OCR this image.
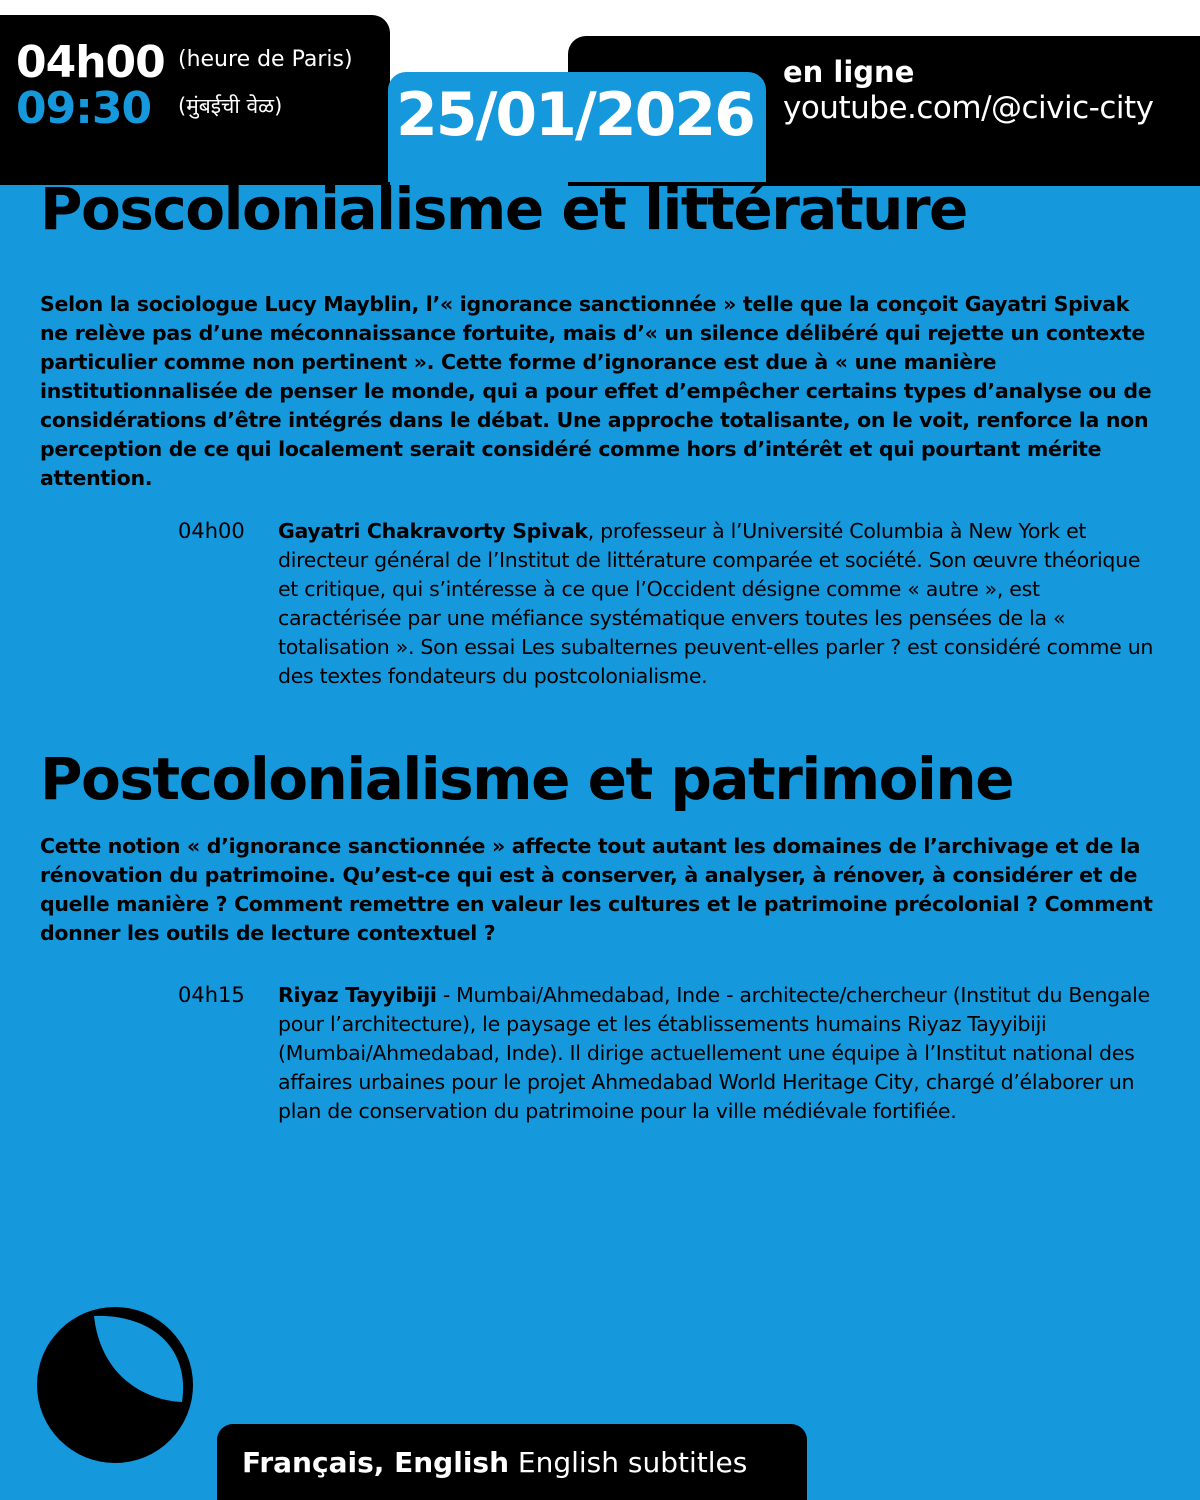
04h00 (heure de Paris)
09:30 (मुंबईची वेळ) 25/01/2026
en ligne
youtube.com/@civic-city
Poscolonialisme et littérature

Selon la sociologue Lucy Mayblin, l’« ignorance sanctionnée » telle que la conçoit Gayatri Spivak ne relève pas d’une méconnaissance fortuite, mais d’« un silence délibéré qui rejette un contexte particulier comme non pertinent ». Cette forme d’ignorance est due à « une manière institutionnalisée de penser le monde, qui a pour effet d’empêcher certains types d’analyse ou de considérations d’être intégrés dans le débat. Une approche totalisante, on le voit, renforce la non perception de ce qui localement serait considéré comme hors d’intérêt et qui pourtant mérite attention.

04h00 Gayatri Chakravorty Spivak, professeur à l’Université Columbia à New York et directeur général de l’Institut de littérature comparée et société. Son œuvre théorique et critique, qui s’intéresse à ce que l’Occident désigne comme « autre », est caractérisée par une méfiance systématique envers toutes les pensées de la « totalisation ». Son essai Les subalternes peuvent-elles parler ? est considéré comme un des textes fondateurs du postcolonialisme.

Postcolonialisme et patrimoine

Cette notion « d’ignorance sanctionnée » affecte tout autant les domaines de l’archivage et de la rénovation du patrimoine. Qu’est-ce qui est à conserver, à analyser, à rénover, à considérer et de quelle manière ? Comment remettre en valeur les cultures et le patrimoine précolonial ? Comment donner les outils de lecture contextuel ?

04h15 Riyaz Tayyibiji - Mumbai/Ahmedabad, Inde - architecte/chercheur (Institut du Bengale pour l’architecture), le paysage et les établissements humains Riyaz Tayyibiji (Mumbai/Ahmedabad, Inde). Il dirige actuellement une équipe à l’Institut national des affaires urbaines pour le projet Ahmedabad World Heritage City, chargé d’élaborer un plan de conservation du patrimoine pour la ville médiévale fortifiée.

Français, English English subtitles
